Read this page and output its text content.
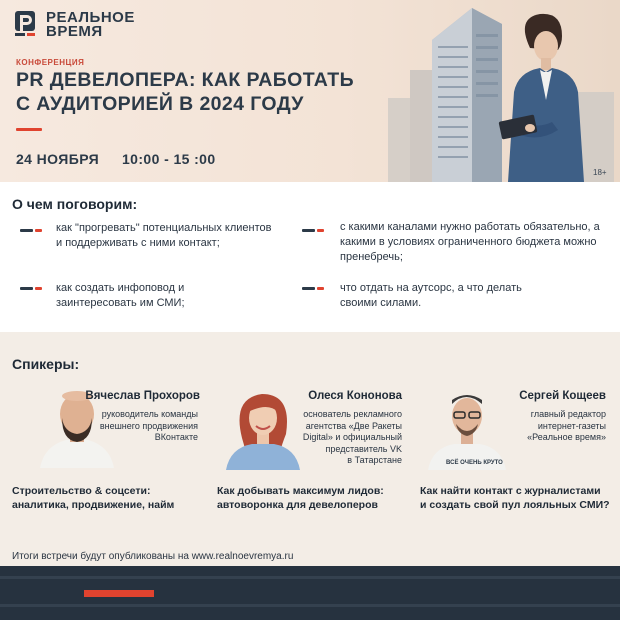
РЕАЛЬНОЕ
ВРЕМЯ
КОНФЕРЕНЦИЯ
PR ДЕВЕЛОПЕРА: КАК РАБОТАТЬ
С АУДИТОРИЕЙ В 2024 ГОДУ
24 НОЯБРЯ 10:00 - 15 :00
18+
О чем поговорим:
как "прогревать" потенциальных клиентов и поддерживать с ними контакт;
как создать инфоповод и заинтересовать им СМИ;
с какими каналами нужно работать обязательно, а какими в условиях ограниченного бюджета можно пренебречь;
что отдать на аутсорс, а что делать своими силами.
Спикеры:
Вячеслав Прохоров
руководитель команды
внешнего продвижения
ВКонтакте
Строительство & соцсети:
аналитика, продвижение, найм
Олеся Кононова
основатель рекламного
агентства «Две Ракеты
Digital» и официальный
представитель VK
в Татарстане
Как добывать максимум лидов:
автоворонка для девелоперов
ВСЁ ОЧЕНЬ КРУТО
Сергей Кощеев
главный редактор
интернет-газеты
«Реальное время»
Как найти контакт с журналистами
и создать свой пул лояльных СМИ?
Итоги встречи будут опубликованы на www.realnoevremya.ru
